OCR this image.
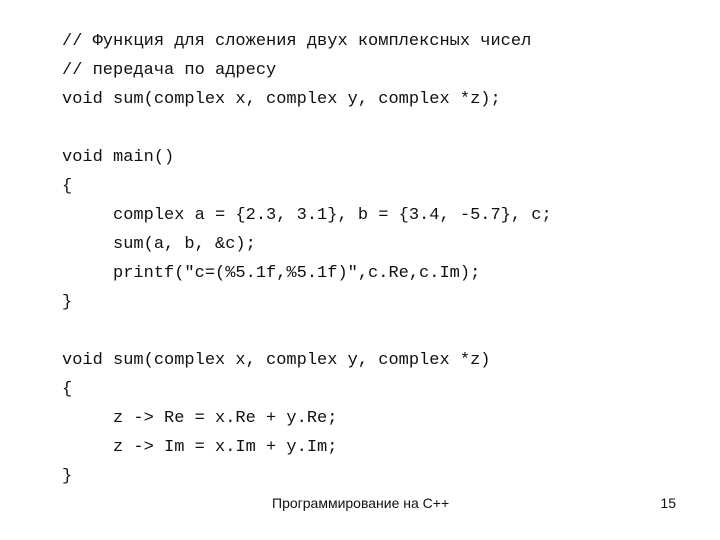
// Функция для сложения двух комплексных чисел
// передача по адресу
void sum(complex x, complex y, complex *z);
void main()
{
complex a = {2.3, 3.1}, b = {3.4, -5.7}, c;
sum(a, b, &c);
printf("c=(%5.1f,%5.1f)",c.Re,c.Im);
}
void sum(complex x, complex y, complex *z)
{
z -> Re = x.Re + y.Re;
z -> Im = x.Im + y.Im;
}
Программирование на С++	15
